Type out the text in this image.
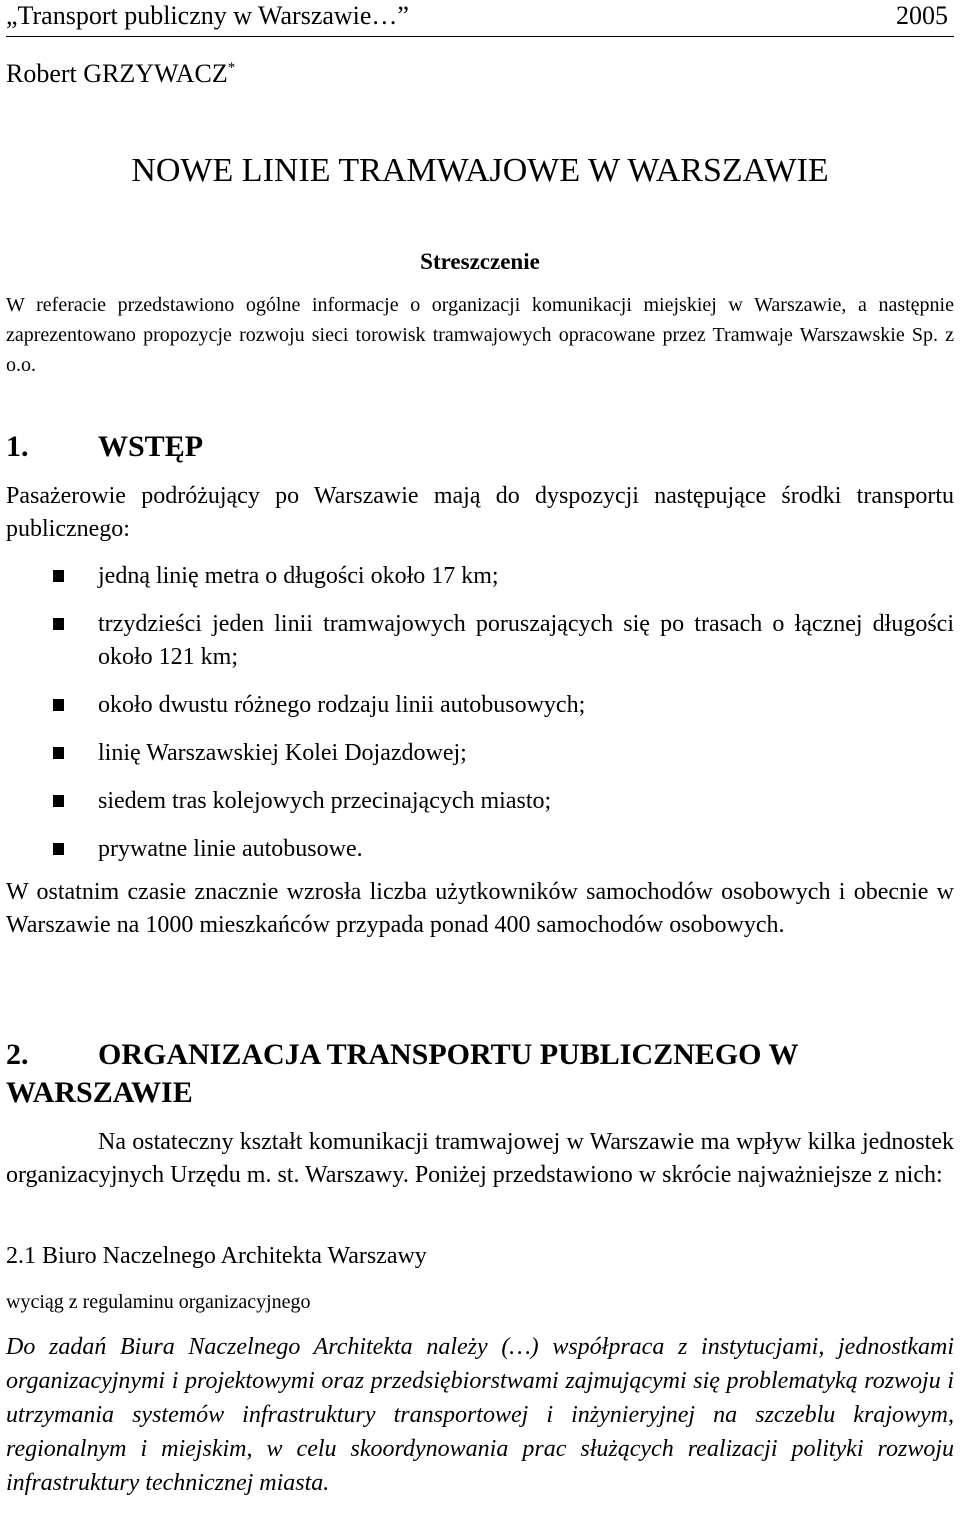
„Transport publiczny w Warszawie…”	2005
Robert GRZYWACZ*
NOWE LINIE TRAMWAJOWE W WARSZAWIE
Streszczenie
W referacie przedstawiono ogólne informacje o organizacji komunikacji miejskiej w Warszawie, a następnie zaprezentowano propozycje rozwoju sieci torowisk tramwajowych opracowane przez Tramwaje Warszawskie Sp. z o.o.
1. WSTĘP
Pasażerowie podróżujący po Warszawie mają do dyspozycji następujące środki transportu publicznego:
jedną linię metra o długości około 17 km;
trzydzieści jeden linii tramwajowych poruszających się po trasach o łącznej długości około 121 km;
około dwustu różnego rodzaju linii autobusowych;
linię Warszawskiej Kolei Dojazdowej;
siedem tras kolejowych przecinających miasto;
prywatne linie autobusowe.
W ostatnim czasie znacznie wzrosła liczba użytkowników samochodów osobowych i obecnie w Warszawie na 1000 mieszkańców przypada ponad 400 samochodów osobowych.
2. ORGANIZACJA TRANSPORTU PUBLICZNEGO W WARSZAWIE
Na ostateczny kształt komunikacji tramwajowej w Warszawie ma wpływ kilka jednostek organizacyjnych Urzędu m. st. Warszawy. Poniżej przedstawiono w skrócie najważniejsze z nich:
2.1 Biuro Naczelnego Architekta Warszawy
wyciąg z regulaminu organizacyjnego
Do zadań Biura Naczelnego Architekta należy (…) współpraca z instytucjami, jednostkami organizacyjnymi i projektowymi oraz przedsiębiorstwami zajmującymi się problematyką rozwoju i utrzymania systemów infrastruktury transportowej i inżynieryjnej na szczeblu krajowym, regionalnym i miejskim, w celu skoordynowania prac służących realizacji polityki rozwoju infrastruktury technicznej miasta.
